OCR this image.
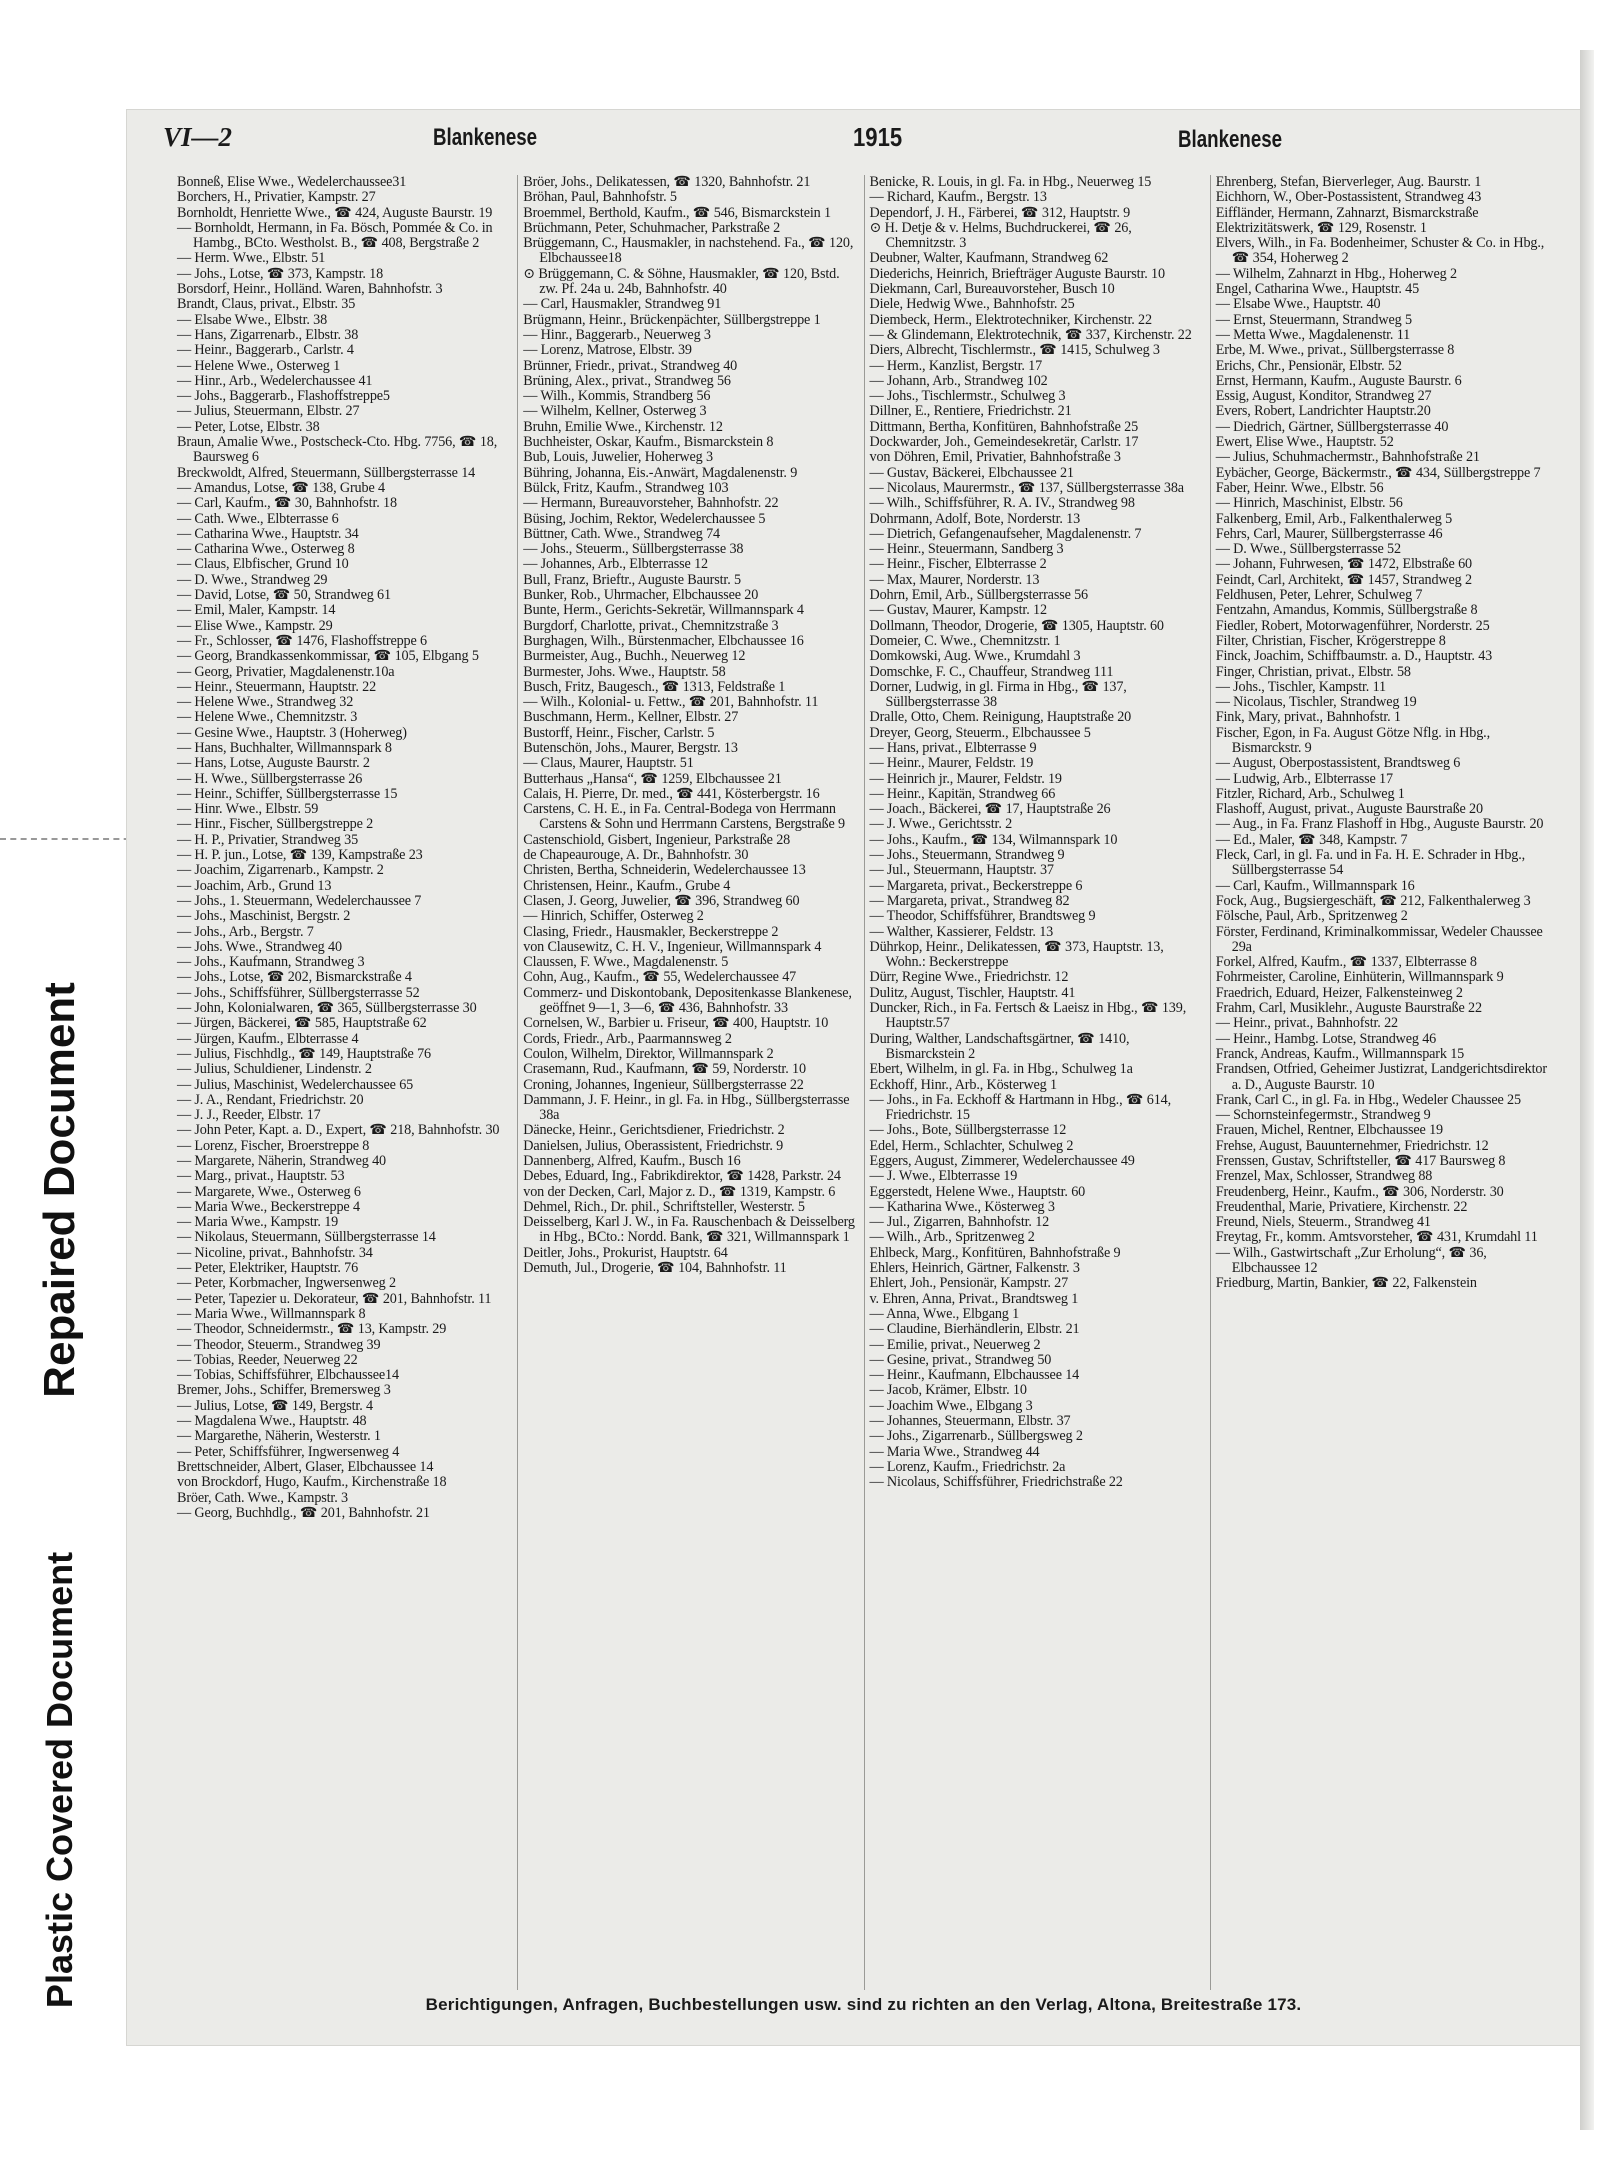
Repaired Document
Plastic Covered Document
VI—2	Blankenese	1915	Blankenese

Bonneß, Elise Wwe., Wedelerchaussee31

Borchers, H., Privatier, Kampstr. 27

Bornholdt, Henriette Wwe., ☎ 424, Auguste Baurstr. 19

— Bornholdt, Hermann, in Fa. Bösch, Pommée & Co. in Hambg., BCto. Westholst. B., ☎ 408, Bergstraße 2

— Herm. Wwe., Elbstr. 51

— Johs., Lotse, ☎ 373, Kampstr. 18

Borsdorf, Heinr., Holländ. Waren, Bahnhofstr. 3

Brandt, Claus, privat., Elbstr. 35

— Elsabe Wwe., Elbstr. 38

— Hans, Zigarrenarb., Elbstr. 38

— Heinr., Baggerarb., Carlstr. 4

— Helene Wwe., Osterweg 1

— Hinr., Arb., Wedelerchaussee 41

— Johs., Baggerarb., Flashoffstreppe5

— Julius, Steuermann, Elbstr. 27

— Peter, Lotse, Elbstr. 38

Braun, Amalie Wwe., Postscheck-Cto. Hbg. 7756, ☎ 18, Baursweg 6

Breckwoldt, Alfred, Steuermann, Süllbergsterrasse 14

— Amandus, Lotse, ☎ 138, Grube 4

— Carl, Kaufm., ☎ 30, Bahnhofstr. 18

— Cath. Wwe., Elbterrasse 6

— Catharina Wwe., Hauptstr. 34

— Catharina Wwe., Osterweg 8

— Claus, Elbfischer, Grund 10

— D. Wwe., Strandweg 29

— David, Lotse, ☎ 50, Strandweg 61

— Emil, Maler, Kampstr. 14

— Elise Wwe., Kampstr. 29

— Fr., Schlosser, ☎ 1476, Flashoffstreppe 6

— Georg, Brandkassenkommissar, ☎ 105, Elbgang 5

— Georg, Privatier, Magdalenenstr.10a

— Heinr., Steuermann, Hauptstr. 22

— Helene Wwe., Strandweg 32

— Helene Wwe., Chemnitzstr. 3

— Gesine Wwe., Hauptstr. 3 (Hoherweg)

— Hans, Buchhalter, Willmannspark 8

— Hans, Lotse, Auguste Baurstr. 2

— H. Wwe., Süllbergsterrasse 26

— Heinr., Schiffer, Süllbergsterrasse 15

— Hinr. Wwe., Elbstr. 59

— Hinr., Fischer, Süllbergstreppe 2

— H. P., Privatier, Strandweg 35

— H. P. jun., Lotse, ☎ 139, Kampstraße 23

— Joachim, Zigarrenarb., Kampstr. 2

— Joachim, Arb., Grund 13

— Johs., 1. Steuermann, Wedelerchaussee 7

— Johs., Maschinist, Bergstr. 2

— Johs., Arb., Bergstr. 7

— Johs. Wwe., Strandweg 40

— Johs., Kaufmann, Strandweg 3

— Johs., Lotse, ☎ 202, Bismarckstraße 4

— Johs., Schiffsführer, Süllbergsterrasse 52

— John, Kolonialwaren, ☎ 365, Süllbergsterrasse 30

— Jürgen, Bäckerei, ☎ 585, Hauptstraße 62

— Jürgen, Kaufm., Elbterrasse 4

— Julius, Fischhdlg., ☎ 149, Hauptstraße 76

— Julius, Schuldiener, Lindenstr. 2

— Julius, Maschinist, Wedelerchaussee 65

— J. A., Rendant, Friedrichstr. 20

— J. J., Reeder, Elbstr. 17

— John Peter, Kapt. a. D., Expert, ☎ 218, Bahnhofstr. 30

— Lorenz, Fischer, Broerstreppe 8

— Margarete, Näherin, Strandweg 40

— Marg., privat., Hauptstr. 53

— Margarete, Wwe., Osterweg 6

— Maria Wwe., Beckerstreppe 4

— Maria Wwe., Kampstr. 19

— Nikolaus, Steuermann, Süllbergsterrasse 14

— Nicoline, privat., Bahnhofstr. 34

— Peter, Elektriker, Hauptstr. 76

— Peter, Korbmacher, Ingwersenweg 2

— Peter, Tapezier u. Dekorateur, ☎ 201, Bahnhofstr. 11

— Maria Wwe., Willmannspark 8

— Theodor, Schneidermstr., ☎ 13, Kampstr. 29

— Theodor, Steuerm., Strandweg 39

— Tobias, Reeder, Neuerweg 22

— Tobias, Schiffsführer, Elbchaussee14

Bremer, Johs., Schiffer, Bremersweg 3

— Julius, Lotse, ☎ 149, Bergstr. 4

— Magdalena Wwe., Hauptstr. 48

— Margarethe, Näherin, Westerstr. 1

— Peter, Schiffsführer, Ingwersenweg 4

Brettschneider, Albert, Glaser, Elbchaussee 14

von Brockdorf, Hugo, Kaufm., Kirchenstraße 18

Bröer, Cath. Wwe., Kampstr. 3

— Georg, Buchhdlg., ☎ 201, Bahnhofstr. 21

Bröer, Johs., Delikatessen, ☎ 1320, Bahnhofstr. 21

Bröhan, Paul, Bahnhofstr. 5

Broemmel, Berthold, Kaufm., ☎ 546, Bismarckstein 1

Brüchmann, Peter, Schuhmacher, Parkstraße 2

Brüggemann, C., Hausmakler, in nachstehend. Fa., ☎ 120, Elbchaussee18

⊙ Brüggemann, C. & Söhne, Hausmakler, ☎ 120, Bstd. zw. Pf. 24a u. 24b, Bahnhofstr. 40

— Carl, Hausmakler, Strandweg 91

Brügmann, Heinr., Brückenpächter, Süllbergstreppe 1

— Hinr., Baggerarb., Neuerweg 3

— Lorenz, Matrose, Elbstr. 39

Brünner, Friedr., privat., Strandweg 40

Brüning, Alex., privat., Strandweg 56

— Wilh., Kommis, Strandberg 56

— Wilhelm, Kellner, Osterweg 3

Bruhn, Emilie Wwe., Kirchenstr. 12

Buchheister, Oskar, Kaufm., Bismarckstein 8

Bub, Louis, Juwelier, Hoherweg 3

Bühring, Johanna, Eis.-Anwärt, Magdalenenstr. 9

Bülck, Fritz, Kaufm., Strandweg 103

— Hermann, Bureauvorsteher, Bahnhofstr. 22

Büsing, Jochim, Rektor, Wedelerchaussee 5

Büttner, Cath. Wwe., Strandweg 74

— Johs., Steuerm., Süllbergsterrasse 38

— Johannes, Arb., Elbterrasse 12

Bull, Franz, Brieftr., Auguste Baurstr. 5

Bunker, Rob., Uhrmacher, Elbchaussee 20

Bunte, Herm., Gerichts-Sekretär, Willmannspark 4

Burgdorf, Charlotte, privat., Chemnitzstraße 3

Burghagen, Wilh., Bürstenmacher, Elbchaussee 16

Burmeister, Aug., Buchh., Neuerweg 12

Burmester, Johs. Wwe., Hauptstr. 58

Busch, Fritz, Baugesch., ☎ 1313, Feldstraße 1

— Wilh., Kolonial- u. Fettw., ☎ 201, Bahnhofstr. 11

Buschmann, Herm., Kellner, Elbstr. 27

Bustorff, Heinr., Fischer, Carlstr. 5

Butenschön, Johs., Maurer, Bergstr. 13

— Claus, Maurer, Hauptstr. 51

Butterhaus „Hansa“, ☎ 1259, Elbchaussee 21

Calais, H. Pierre, Dr. med., ☎ 441, Kösterbergstr. 16

Carstens, C. H. E., in Fa. Central-Bodega von Herrmann Carstens & Sohn und Herrmann Carstens, Bergstraße 9

Castenschiold, Gisbert, Ingenieur, Parkstraße 28

de Chapeaurouge, A. Dr., Bahnhofstr. 30

Christen, Bertha, Schneiderin, Wedelerchaussee 13

Christensen, Heinr., Kaufm., Grube 4

Clasen, J. Georg, Juwelier, ☎ 396, Strandweg 60

— Hinrich, Schiffer, Osterweg 2

Clasing, Friedr., Hausmakler, Beckerstreppe 2

von Clausewitz, C. H. V., Ingenieur, Willmannspark 4

Claussen, F. Wwe., Magdalenenstr. 5

Cohn, Aug., Kaufm., ☎ 55, Wedelerchaussee 47

Commerz- und Diskontobank, Depositenkasse Blankenese, geöffnet 9—1, 3—6, ☎ 436, Bahnhofstr. 33

Cornelsen, W., Barbier u. Friseur, ☎ 400, Hauptstr. 10

Cords, Friedr., Arb., Paarmannsweg 2

Coulon, Wilhelm, Direktor, Willmannspark 2

Crasemann, Rud., Kaufmann, ☎ 59, Norderstr. 10

Croning, Johannes, Ingenieur, Süllbergsterrasse 22

Dammann, J. F. Heinr., in gl. Fa. in Hbg., Süllbergsterrasse 38a

Dänecke, Heinr., Gerichtsdiener, Friedrichstr. 2

Danielsen, Julius, Oberassistent, Friedrichstr. 9

Dannenberg, Alfred, Kaufm., Busch 16

Debes, Eduard, Ing., Fabrikdirektor, ☎ 1428, Parkstr. 24

von der Decken, Carl, Major z. D., ☎ 1319, Kampstr. 6

Dehmel, Rich., Dr. phil., Schriftsteller, Westerstr. 5

Deisselberg, Karl J. W., in Fa. Rauschenbach & Deisselberg in Hbg., BCto.: Nordd. Bank, ☎ 321, Willmannspark 1

Deitler, Johs., Prokurist, Hauptstr. 64

Demuth, Jul., Drogerie, ☎ 104, Bahnhofstr. 11

Benicke, R. Louis, in gl. Fa. in Hbg., Neuerweg 15

— Richard, Kaufm., Bergstr. 13

Dependorf, J. H., Färberei, ☎ 312, Hauptstr. 9

⊙ H. Detje & v. Helms, Buchdruckerei, ☎ 26, Chemnitzstr. 3

Deubner, Walter, Kaufmann, Strandweg 62

Diederichs, Heinrich, Briefträger Auguste Baurstr. 10

Diekmann, Carl, Bureauvorsteher, Busch 10

Diele, Hedwig Wwe., Bahnhofstr. 25

Diembeck, Herm., Elektrotechniker, Kirchenstr. 22

— & Glindemann, Elektrotechnik, ☎ 337, Kirchenstr. 22

Diers, Albrecht, Tischlermstr., ☎ 1415, Schulweg 3

— Herm., Kanzlist, Bergstr. 17

— Johann, Arb., Strandweg 102

— Johs., Tischlermstr., Schulweg 3

Dillner, E., Rentiere, Friedrichstr. 21

Dittmann, Bertha, Konfitüren, Bahnhofstraße 25

Dockwarder, Joh., Gemeindesekretär, Carlstr. 17

von Döhren, Emil, Privatier, Bahnhofstraße 3

— Gustav, Bäckerei, Elbchaussee 21

— Nicolaus, Maurermstr., ☎ 137, Süllbergsterrasse 38a

— Wilh., Schiffsführer, R. A. IV., Strandweg 98

Dohrmann, Adolf, Bote, Norderstr. 13

— Dietrich, Gefangenaufseher, Magdalenenstr. 7

— Heinr., Steuermann, Sandberg 3

— Heinr., Fischer, Elbterrasse 2

— Max, Maurer, Norderstr. 13

Dohrn, Emil, Arb., Süllbergsterrasse 56

— Gustav, Maurer, Kampstr. 12

Dollmann, Theodor, Drogerie, ☎ 1305, Hauptstr. 60

Domeier, C. Wwe., Chemnitzstr. 1

Domkowski, Aug. Wwe., Krumdahl 3

Domschke, F. C., Chauffeur, Strandweg 111

Dorner, Ludwig, in gl. Firma in Hbg., ☎ 137, Süllbergsterrasse 38

Dralle, Otto, Chem. Reinigung, Hauptstraße 20

Dreyer, Georg, Steuerm., Elbchaussee 5

— Hans, privat., Elbterrasse 9

— Heinr., Maurer, Feldstr. 19

— Heinrich jr., Maurer, Feldstr. 19

— Heinr., Kapitän, Strandweg 66

— Joach., Bäckerei, ☎ 17, Hauptstraße 26

— J. Wwe., Gerichtsstr. 2

— Johs., Kaufm., ☎ 134, Wilmannspark 10

— Johs., Steuermann, Strandweg 9

— Jul., Steuermann, Hauptstr. 37

— Margareta, privat., Beckerstreppe 6

— Margareta, privat., Strandweg 82

— Theodor, Schiffsführer, Brandtsweg 9

— Walther, Kassierer, Feldstr. 13

Dührkop, Heinr., Delikatessen, ☎ 373, Hauptstr. 13, Wohn.: Beckerstreppe

Dürr, Regine Wwe., Friedrichstr. 12

Dulitz, August, Tischler, Hauptstr. 41

Duncker, Rich., in Fa. Fertsch & Laeisz in Hbg., ☎ 139, Hauptstr.57

During, Walther, Landschaftsgärtner, ☎ 1410, Bismarckstein 2

Ebert, Wilhelm, in gl. Fa. in Hbg., Schulweg 1a

Eckhoff, Hinr., Arb., Kösterweg 1

— Johs., in Fa. Eckhoff & Hartmann in Hbg., ☎ 614, Friedrichstr. 15

— Johs., Bote, Süllbergsterrasse 12

Edel, Herm., Schlachter, Schulweg 2

Eggers, August, Zimmerer, Wedelerchaussee 49

— J. Wwe., Elbterrasse 19

Eggerstedt, Helene Wwe., Hauptstr. 60

— Katharina Wwe., Kösterweg 3

— Jul., Zigarren, Bahnhofstr. 12

— Wilh., Arb., Spritzenweg 2

Ehlbeck, Marg., Konfitüren, Bahnhofstraße 9

Ehlers, Heinrich, Gärtner, Falkenstr. 3

Ehlert, Joh., Pensionär, Kampstr. 27

v. Ehren, Anna, Privat., Brandtsweg 1

— Anna, Wwe., Elbgang 1

— Claudine, Bierhändlerin, Elbstr. 21

— Emilie, privat., Neuerweg 2

— Gesine, privat., Strandweg 50

— Heinr., Kaufmann, Elbchaussee 14

— Jacob, Krämer, Elbstr. 10

— Joachim Wwe., Elbgang 3

— Johannes, Steuermann, Elbstr. 37

— Johs., Zigarrenarb., Süllbergsweg 2

— Maria Wwe., Strandweg 44

— Lorenz, Kaufm., Friedrichstr. 2a

— Nicolaus, Schiffsführer, Friedrichstraße 22

Ehrenberg, Stefan, Bierverleger, Aug. Baurstr. 1

Eichhorn, W., Ober-Postassistent, Strandweg 43

Eiffländer, Hermann, Zahnarzt, Bismarckstraße

Elektrizitätswerk, ☎ 129, Rosenstr. 1

Elvers, Wilh., in Fa. Bodenheimer, Schuster & Co. in Hbg., ☎ 354, Hoherweg 2

— Wilhelm, Zahnarzt in Hbg., Hoherweg 2

Engel, Catharina Wwe., Hauptstr. 45

— Elsabe Wwe., Hauptstr. 40

— Ernst, Steuermann, Strandweg 5

— Metta Wwe., Magdalenenstr. 11

Erbe, M. Wwe., privat., Süllbergsterrasse 8

Erichs, Chr., Pensionär, Elbstr. 52

Ernst, Hermann, Kaufm., Auguste Baurstr. 6

Essig, August, Konditor, Strandweg 27

Evers, Robert, Landrichter Hauptstr.20

— Diedrich, Gärtner, Süllbergsterrasse 40

Ewert, Elise Wwe., Hauptstr. 52

— Julius, Schuhmachermstr., Bahnhofstraße 21

Eybächer, George, Bäckermstr., ☎ 434, Süllbergstreppe 7

Faber, Heinr. Wwe., Elbstr. 56

— Hinrich, Maschinist, Elbstr. 56

Falkenberg, Emil, Arb., Falkenthalerweg 5

Fehrs, Carl, Maurer, Süllbergsterrasse 46

— D. Wwe., Süllbergsterrasse 52

— Johann, Fuhrwesen, ☎ 1472, Elbstraße 60

Feindt, Carl, Architekt, ☎ 1457, Strandweg 2

Feldhusen, Peter, Lehrer, Schulweg 7

Fentzahn, Amandus, Kommis, Süllbergstraße 8

Fiedler, Robert, Motorwagenführer, Norderstr. 25

Filter, Christian, Fischer, Krögerstreppe 8

Finck, Joachim, Schiffbaumstr. a. D., Hauptstr. 43

Finger, Christian, privat., Elbstr. 58

— Johs., Tischler, Kampstr. 11

— Nicolaus, Tischler, Strandweg 19

Fink, Mary, privat., Bahnhofstr. 1

Fischer, Egon, in Fa. August Götze Nflg. in Hbg., Bismarckstr. 9

— August, Oberpostassistent, Brandtsweg 6

— Ludwig, Arb., Elbterrasse 17

Fitzler, Richard, Arb., Schulweg 1

Flashoff, August, privat., Auguste Baurstraße 20

— Aug., in Fa. Franz Flashoff in Hbg., Auguste Baurstr. 20

— Ed., Maler, ☎ 348, Kampstr. 7

Fleck, Carl, in gl. Fa. und in Fa. H. E. Schrader in Hbg., Süllbergsterrasse 54

— Carl, Kaufm., Willmannspark 16

Fock, Aug., Bugsiergeschäft, ☎ 212, Falkenthalerweg 3

Fölsche, Paul, Arb., Spritzenweg 2

Förster, Ferdinand, Kriminalkommissar, Wedeler Chaussee 29a

Forkel, Alfred, Kaufm., ☎ 1337, Elbterrasse 8

Fohrmeister, Caroline, Einhüterin, Willmannspark 9

Fraedrich, Eduard, Heizer, Falkensteinweg 2

Frahm, Carl, Musiklehr., Auguste Baurstraße 22

— Heinr., privat., Bahnhofstr. 22

— Heinr., Hambg. Lotse, Strandweg 46

Franck, Andreas, Kaufm., Willmannspark 15

Frandsen, Otfried, Geheimer Justizrat, Landgerichtsdirektor a. D., Auguste Baurstr. 10

Frank, Carl C., in gl. Fa. in Hbg., Wedeler Chaussee 25

— Schornsteinfegermstr., Strandweg 9

Frauen, Michel, Rentner, Elbchaussee 19

Frehse, August, Bauunternehmer, Friedrichstr. 12

Frenssen, Gustav, Schriftsteller, ☎ 417 Baursweg 8

Frenzel, Max, Schlosser, Strandweg 88

Freudenberg, Heinr., Kaufm., ☎ 306, Norderstr. 30

Freudenthal, Marie, Privatiere, Kirchenstr. 22

Freund, Niels, Steuerm., Strandweg 41

Freytag, Fr., komm. Amtsvorsteher, ☎ 431, Krumdahl 11

— Wilh., Gastwirtschaft „Zur Erholung“, ☎ 36, Elbchaussee 12

Friedburg, Martin, Bankier, ☎ 22, Falkenstein

Berichtigungen, Anfragen, Buchbestellungen usw. sind zu richten an den Verlag, Altona, Breitestraße 173.
